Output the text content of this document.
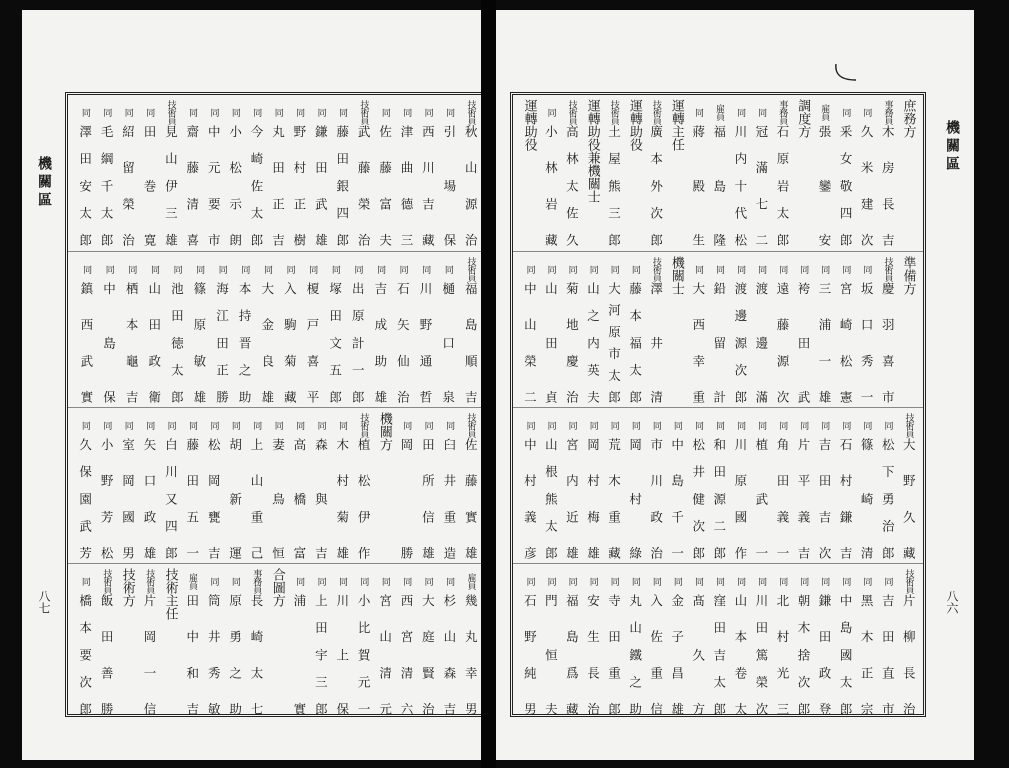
機關區
八七
技術員
秋山源治
同
引場保
同
西川吉藏
同
津曲德三
同
佐藤富夫
技術員
武藤榮治
同
藤田銀四郎
同
鎌田武雄
同
野村正樹
同
丸田正吉
同
今崎佐太郎
同
小松示朗
同
中元要市
同
齋藤清喜
技術員
見山伊三雄
同
田巻寛
同
紹留榮治
同
毛綱千太郎
同
澤田安太郎
技術員
福島順吉
同
樋口泉
同
川野通哲
同
石矢仙治
同
吉成助雄
同
出原計一郎
同
塚田文五郎
同
榎戸喜平
同
入駒菊藏
同
大金良雄
同
本持晋之助
同
海江田正勝
同
篠原敏雄
同
池田徳太郎
同
山田政衛
同
栖本龜吉
同
中島保
同
鎮西武實
技術員
佐藤實雄
同
臼井重造
同
田所信雄
同
岡勝
機關方
技術員
植松伊作
同
木村菊雄
同
森與吉
同
高橋富
同
妻鳥恒
同
上山重己
同
胡新運
同
松岡甕吉
同
藤田五一
同
白川又四郎
同
矢口政雄
同
室岡國男
同
小野芳松
同
久保園武芳
雇員
幾丸幸男
同
杉山森吉
同
大庭賢治
同
西宮清六
同
宮山清元
同
小比賀元一
同
川上保
同
上田宇三郎
同
浦實
合圖方
事務員
長崎太七
同
原勇之助
同
筒井秀敏
雇員
田中和吉
技術主任
技術員
片岡一信
技術方
技術員
飯田善勝
同
橋本要次郎
機關區
八六
庶務方
事務員
木房長吉
同
久米建次
同
釆女敬四郎
雇員
張鑾安
調度方
事務員
石原岩太郎
同
冠滿七二
同
川内十代松
雇員
福島隆
同
蔣殿生
運轉主任
技術員
廣本外次郎
運轉助役
技術員
土屋熊三郎
運轉助役兼機關士
技術員
高林太佐久
同
小林岩藏
運轉助役
準備方
技術員
慶羽喜市
同
坂口秀一
同
宮崎松憲
同
三浦一雄
同
袴田武
同
遠藤源次
同
渡邊滿
同
渡邊源次郎
同
鉛留計
同
大西幸重
機關士
技術員
澤井清
同
藤本福太郎
同
大河原市太郎
同
山之内英夫
同
菊地慶治
同
山田貞
同
中山榮二
技術員
大野久藏
同
松下勇治郎
同
篠崎清
同
石村鎌吉
同
吉田吉次
同
片平義吉
同
角田義一
同
植武一
同
川原國作
同
和田源二郎
同
松井健次郎
同
中島千一
同
市川政治
同
岡村綠
同
荒木重藏
同
岡村梅雄
同
宮内近雄
同
山根熊太郎
同
中村義彦
技術員
片柳長治
同
吉田直市
同
黑木正宗
同
中島國太郎
同
鎌田政登
同
朝木捨次郎
同
北村光三
同
川田篤榮次
同
山本卷太
同
窪田吉太郎
同
髙久方
同
金子昌雄
同
入佐重信
同
丸山鐵之助
同
寺田重郎
同
安生長治
同
福島爲藏
同
門恒夫
同
石野純男
